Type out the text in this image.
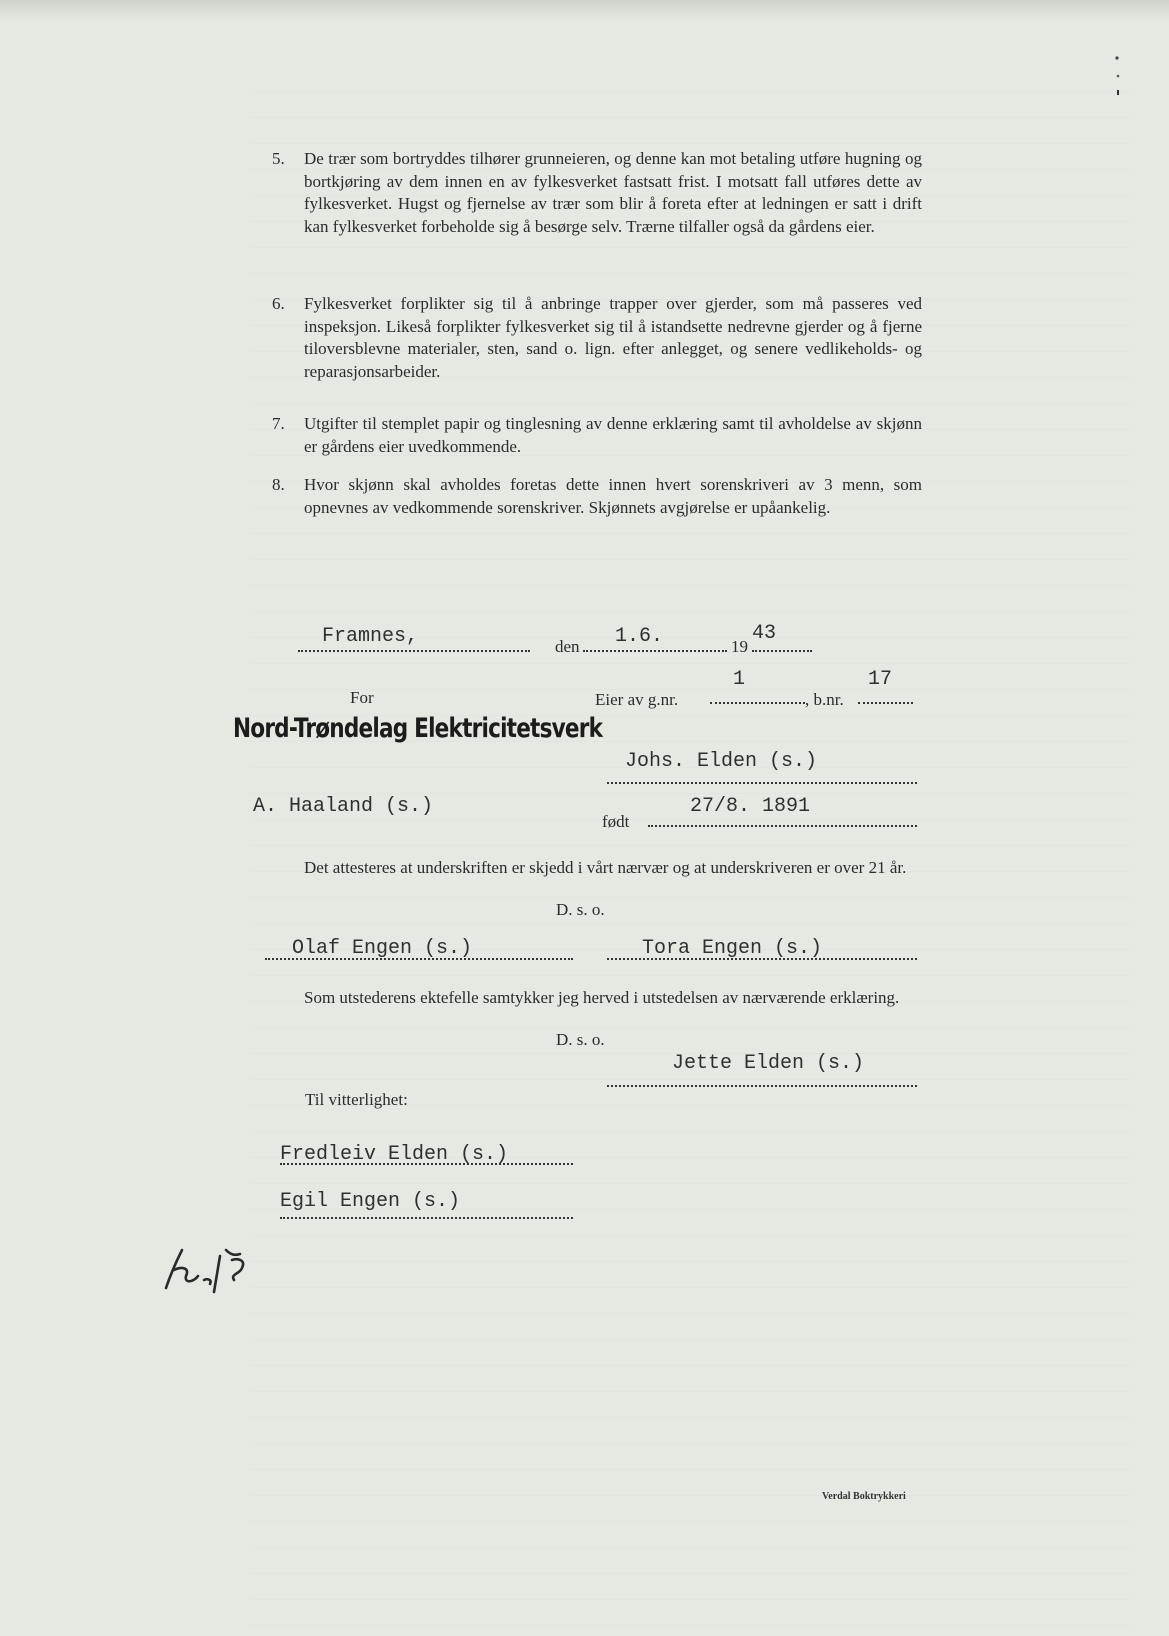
5.	De trær som bortryddes tilhører grunneieren, og denne kan mot betaling utføre hugning og bortkjøring av dem innen en av fylkesverket fastsatt frist. I motsatt fall utføres dette av fylkesverket. Hugst og fjernelse av trær som blir å foreta efter at ledningen er satt i drift kan fylkesverket forbeholde sig å besørge selv. Trærne tilfaller også da gårdens eier.
6.	Fylkesverket forplikter sig til å anbringe trapper over gjerder, som må passeres ved inspeksjon. Likeså forplikter fylkesverket sig til å istandsette nedrevne gjerder og å fjerne tiloversblevne materialer, sten, sand o. lign. efter anlegget, og senere vedlikeholds- og reparasjonsarbeider.
7.	Utgifter til stemplet papir og tinglesning av denne erklæring samt til avholdelse av skjønn er gårdens eier uvedkommende.
8.	Hvor skjønn skal avholdes foretas dette innen hvert sorenskriveri av 3 menn, som opnevnes av vedkommende sorenskriver. Skjønnets avgjørelse er upåankelig.
Framnes,	den 1.6.	19
43
For	Eier av g.nr.
1
, b.nr.
17
Nord-Trøndelag Elektricitetsverk
Johs. Elden (s.)
A. Haaland (s.)
født
27/8. 1891
Det attesteres at underskriften er skjedd i vårt nærvær og at underskriveren er over 21 år.
D. s. o.
Olaf Engen (s.)	Tora Engen (s.)
Som utstederens ektefelle samtykker jeg herved i utstedelsen av nærværende erklæring.
D. s. o.
Jette Elden (s.)
Til vitterlighet:
Fredleiv Elden (s.)
Egil Engen (s.)
Verdal Boktrykkeri
